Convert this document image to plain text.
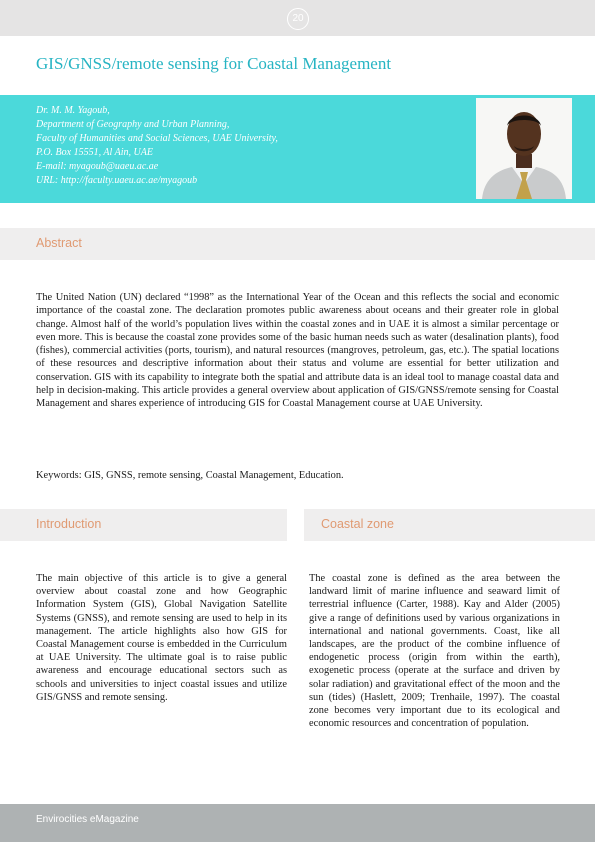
20
GIS/GNSS/remote sensing for Coastal Management
Dr. M. M. Yagoub,
Department of Geography and Urban Planning,
Faculty of Humanities and Social Sciences, UAE University,
P.O. Box 15551, Al Ain, UAE
E-mail: myagoub@uaeu.ac.ae
URL: http://faculty.uaeu.ac.ae/myagoub
Abstract

The United Nation (UN) declared “1998” as the International Year of the Ocean and this reflects the social and economic importance of the coastal zone. The declaration promotes public awareness about oceans and their greater role in global change. Almost half of the world’s population lives within the coastal zones and in UAE it is almost a similar percentage or even more. This is because the coastal zone provides some of the basic human needs such as water (desalination plants), food (fishes), commercial activities (ports, tourism), and natural resources (mangroves, petroleum, gas, etc.). The spatial locations of these resources and descriptive information about their status and volume are essential for better utilization and conservation. GIS with its capability to integrate both the spatial and attribute data is an ideal tool to manage coastal data and help in decision-making. This article provides a general overview about application of GIS/GNSS/remote sensing for Coastal Management and shares experience of introducing GIS for Coastal Management course at UAE University.

Keywords: GIS, GNSS, remote sensing, Coastal Management, Education.

Introduction	Coastal zone

The main objective of this article is to give a general overview about coastal zone and how Geographic Information System (GIS), Global Navigation Satellite Systems (GNSS), and remote sensing are used to help in its management. The article highlights also how GIS for Coastal Management course is embedded in the Curriculum at UAE University. The ultimate goal is to raise public awareness and encourage educational sectors such as schools and universities to inject coastal issues and utilize GIS/GNSS and remote sensing.

The coastal zone is defined as the area between the landward limit of marine influence and seaward limit of terrestrial influence (Carter, 1988). Kay and Alder (2005) give a range of definitions used by various organizations in international and national governments. Coast, like all landscapes, are the product of the combine influence of endogenetic process (origin from within the earth), exogenetic process (operate at the surface and driven by solar radiation) and gravitational effect of the moon and the sun (tides) (Haslett, 2009; Trenhaile, 1997). The coastal zone becomes very important due to its ecological and economic resources and concentration of population.

Envirocities eMagazine
